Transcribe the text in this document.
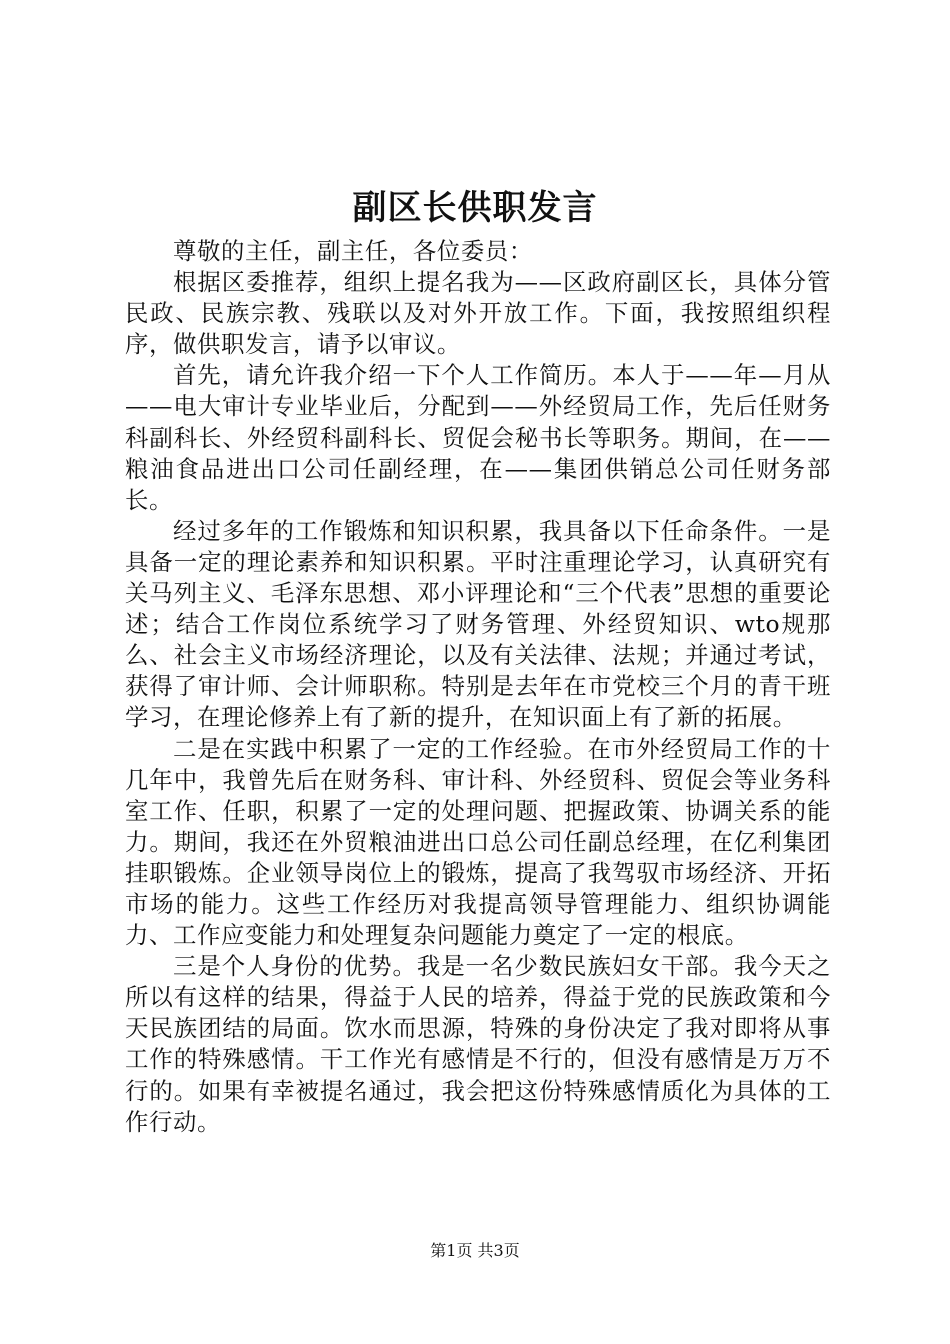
副区长供职发言

尊敬的主任，副主任，各位委员：

根据区委推荐，组织上提名我为——区政府副区长，具体分管民政、民族宗教、残联以及对外开放工作。下面，我按照组织程序，做供职发言，请予以审议。

首先，请允许我介绍一下个人工作简历。本人于——年—月从——电大审计专业毕业后，分配到——外经贸局工作，先后任财务科副科长、外经贸科副科长、贸促会秘书长等职务。期间，在——粮油食品进出口公司任副经理，在——集团供销总公司任财务部长。

经过多年的工作锻炼和知识积累，我具备以下任命条件。一是具备一定的理论素养和知识积累。平时注重理论学习，认真研究有关马列主义、毛泽东思想、邓小评理论和“三个代表”思想的重要论述；结合工作岗位系统学习了财务管理、外经贸知识、wto规那么、社会主义市场经济理论，以及有关法律、法规；并通过考试，获得了审计师、会计师职称。特别是去年在市党校三个月的青干班学习，在理论修养上有了新的提升，在知识面上有了新的拓展。

二是在实践中积累了一定的工作经验。在市外经贸局工作的十几年中，我曾先后在财务科、审计科、外经贸科、贸促会等业务科室工作、任职，积累了一定的处理问题、把握政策、协调关系的能力。期间，我还在外贸粮油进出口总公司任副总经理，在亿利集团挂职锻炼。企业领导岗位上的锻炼，提高了我驾驭市场经济、开拓市场的能力。这些工作经历对我提高领导管理能力、组织协调能力、工作应变能力和处理复杂问题能力奠定了一定的根底。

三是个人身份的优势。我是一名少数民族妇女干部。我今天之所以有这样的结果，得益于人民的培养，得益于党的民族政策和今天民族团结的局面。饮水而思源，特殊的身份决定了我对即将从事工作的特殊感情。干工作光有感情是不行的，但没有感情是万万不行的。如果有幸被提名通过，我会把这份特殊感情质化为具体的工作行动。

第1页 共3页
